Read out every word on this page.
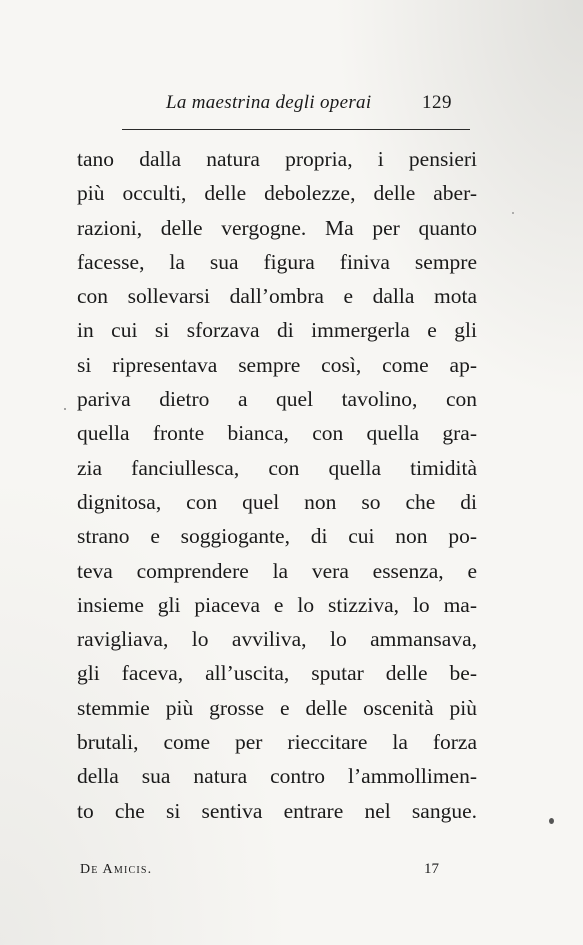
La maestrina degli operai	129
tano dalla natura propria, i pensieri
più occulti, delle debolezze, delle aber-
razioni, delle vergogne. Ma per quanto
facesse, la sua figura finiva sempre
con sollevarsi dall’ombra e dalla mota
in cui si sforzava di immergerla e gli
si ripresentava sempre così, come ap-
pariva dietro a quel tavolino, con
quella fronte bianca, con quella gra-
zia fanciullesca, con quella timidità
dignitosa, con quel non so che di
strano e soggiogante, di cui non po-
teva comprendere la vera essenza, e
insieme gli piaceva e lo stizziva, lo ma-
ravigliava, lo avviliva, lo ammansava,
gli faceva, all’uscita, sputar delle be-
stemmie più grosse e delle oscenità più
brutali, come per rieccitare la forza
della sua natura contro l’ammollimen-
to che si sentiva entrare nel sangue.
De Amicis.	17
